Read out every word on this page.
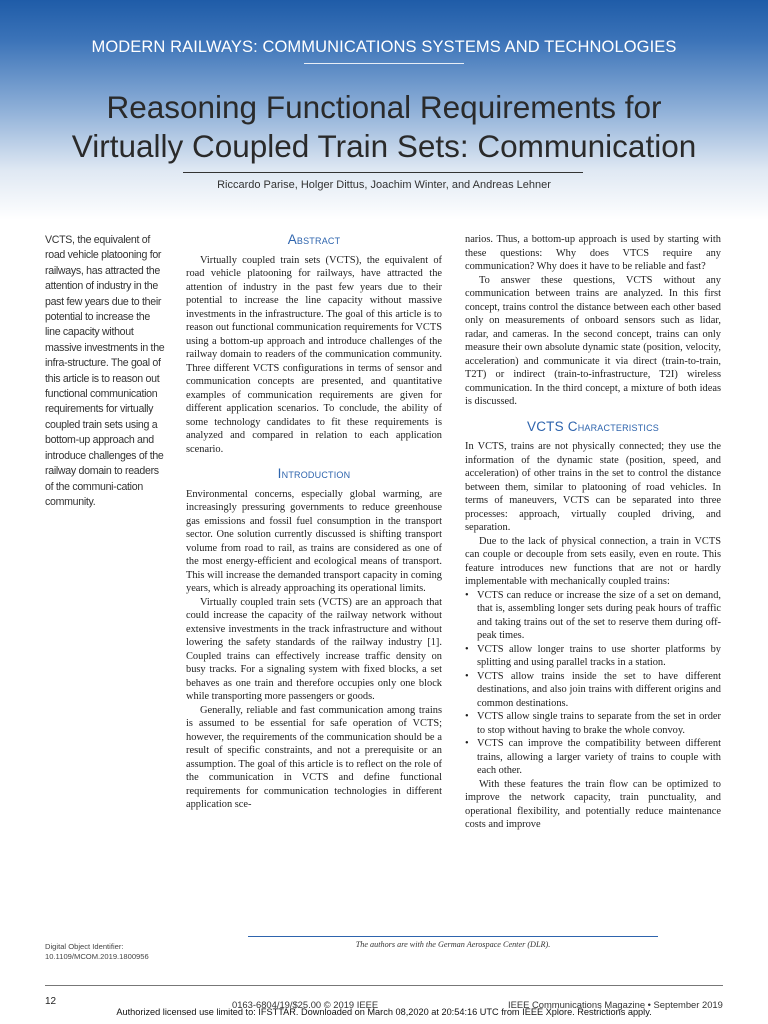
MODERN RAILWAYS: COMMUNICATIONS SYSTEMS AND TECHNOLOGIES
Reasoning Functional Requirements for
Virtually Coupled Train Sets: Communication
Riccardo Parise, Holger Dittus, Joachim Winter, and Andreas Lehner
VCTS, the equivalent of road vehicle platooning for railways, has attracted the attention of industry in the past few years due to their potential to increase the line capacity without massive investments in the infra-structure. The goal of this article is to reason out functional communication requirements for virtually coupled train sets using a bottom-up approach and introduce challenges of the railway domain to readers of the communi-cation community.
Abstract

Virtually coupled train sets (VCTS), the equivalent of road vehicle platooning for railways, have attracted the attention of industry in the past few years due to their potential to increase the line capacity without massive investments in the infrastructure. The goal of this article is to reason out functional communication requirements for VCTS using a bottom-up approach and introduce challenges of the railway domain to readers of the communication community. Three different VCTS configurations in terms of sensor and communication concepts are presented, and quantitative examples of communication requirements are given for different application scenarios. To conclude, the ability of some technology candidates to fit these requirements is analyzed and compared in relation to each application scenario.

Introduction

Environmental concerns, especially global warming, are increasingly pressuring governments to reduce greenhouse gas emissions and fossil fuel consumption in the transport sector. One solution currently discussed is shifting transport volume from road to rail, as trains are considered as one of the most energy-efficient and ecological means of transport. This will increase the demanded transport capacity in coming years, which is already approaching its operational limits.

Virtually coupled train sets (VCTS) are an approach that could increase the capacity of the railway network without extensive investments in the track infrastructure and without lowering the safety standards of the railway industry [1]. Coupled trains can effectively increase traffic density on busy tracks. For a signaling system with fixed blocks, a set behaves as one train and therefore occupies only one block while transporting more passengers or goods.

Generally, reliable and fast communication among trains is assumed to be essential for safe operation of VCTS; however, the requirements of the communication should be a result of specific constraints, and not a prerequisite or an assumption. The goal of this article is to reflect on the role of the communication in VCTS and define functional requirements for communication technologies in different application sce-

narios. Thus, a bottom-up approach is used by starting with these questions: Why does VTCS require any communication? Why does it have to be reliable and fast?

To answer these questions, VCTS without any communication between trains are analyzed. In this first concept, trains control the distance between each other based only on measurements of onboard sensors such as lidar, radar, and cameras. In the second concept, trains can only measure their own absolute dynamic state (position, velocity, acceleration) and communicate it via direct (train-to-train, T2T) or indirect (train-to-infrastructure, T2I) wireless communication. In the third concept, a mixture of both ideas is discussed.

VCTS Characteristics

In VCTS, trains are not physically connected; they use the information of the dynamic state (position, speed, and acceleration) of other trains in the set to control the distance between them, similar to platooning of road vehicles. In terms of maneuvers, VCTS can be separated into three processes: approach, virtually coupled driving, and separation.

Due to the lack of physical connection, a train in VCTS can couple or decouple from sets easily, even en route. This feature introduces new functions that are not or hardly implementable with mechanically coupled trains:

• VCTS can reduce or increase the size of a set on demand, that is, assembling longer sets during peak hours of traffic and taking trains out of the set to reserve them during off-peak times.
• VCTS allow longer trains to use shorter platforms by splitting and using parallel tracks in a station.
• VCTS allow trains inside the set to have different destinations, and also join trains with different origins and common destinations.
• VCTS allow single trains to separate from the set in order to stop without having to brake the whole convoy.
• VCTS can improve the compatibility between different trains, allowing a larger variety of trains to couple with each other.

With these features the train flow can be optimized to improve the network capacity, train punctuality, and operational flexibility, and potentially reduce maintenance costs and improve

Digital Object Identifier:
10.1109/MCOM.2019.1800956
The authors are with the German Aerospace Center (DLR).
12	0163-6804/19/$25.00 © 2019 IEEE	IEEE Communications Magazine • September 2019
Authorized licensed use limited to: IFSTTAR. Downloaded on March 08,2020 at 20:54:16 UTC from IEEE Xplore. Restrictions apply.
